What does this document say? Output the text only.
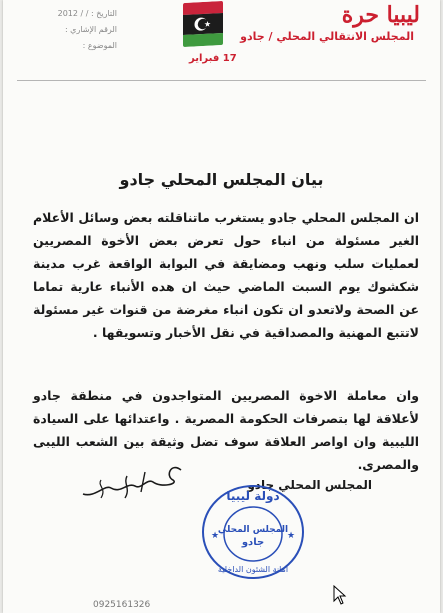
ليبيا حرة
المجلس الانتقالي المحلي / جادو
17 فبراير
التاريخ : / / 2012
الرقم الإشاري :
الموضوع :
بيان المجلس المحلي جادو
ان المجلس المحلي جادو يستغرب ماتناقلته بعض وسائل الأعلام الغير مسئولة من انباء حول تعرض بعض الأخوة المصريين لعمليات سلب ونهب ومضايقة في البوابة الواقعة غرب مدينة شكشوك يوم السبت الماضي حيث ان هده الأنباء عارية تماما عن الصحة ولاتعدو ان تكون انباء مغرضة من قنوات غير مسئولة لاتتبع المهنية والمصداقية في نقل الأخبار وتسويقها .
وان معاملة الاخوة المصريين المتواجدون في منطقة جادو لأعلاقة لها بتصرفات الحكومة المصرية . واعتدائها على السيادة الليبية وان اواصر العلاقة سوف تضل وثيقة بين الشعب الليبى والمصرى.
المجلس المحلي جادو
دولة ليبيا
المجلس المحلي
جادو
امانة الشئون الداخلية
★	★
0925161326
